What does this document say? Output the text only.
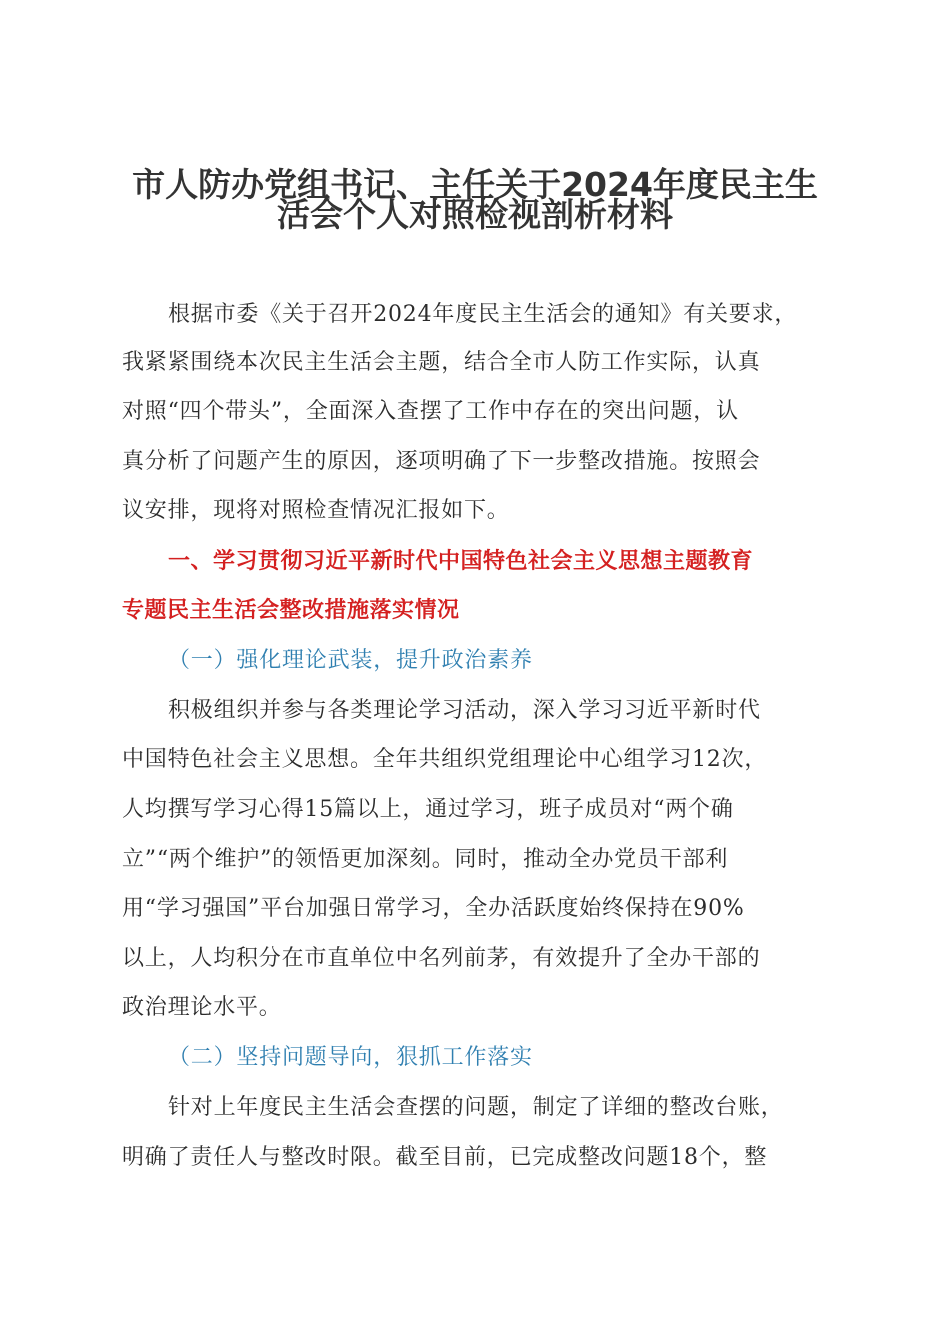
市人防办党组书记、主任关于2024年度民主生
活会个人对照检视剖析材料
根据市委《关于召开2024年度民主生活会的通知》有关要求，
我紧紧围绕本次民主生活会主题，结合全市人防工作实际，认真
对照“四个带头”，全面深入查摆了工作中存在的突出问题，认
真分析了问题产生的原因，逐项明确了下一步整改措施。按照会
议安排，现将对照检查情况汇报如下。
一、学习贯彻习近平新时代中国特色社会主义思想主题教育
专题民主生活会整改措施落实情况
（一）强化理论武装，提升政治素养
积极组织并参与各类理论学习活动，深入学习习近平新时代
中国特色社会主义思想。全年共组织党组理论中心组学习12次，
人均撰写学习心得15篇以上，通过学习，班子成员对“两个确
立”“两个维护”的领悟更加深刻。同时，推动全办党员干部利
用“学习强国”平台加强日常学习，全办活跃度始终保持在90%
以上，人均积分在市直单位中名列前茅，有效提升了全办干部的
政治理论水平。
（二）坚持问题导向，狠抓工作落实
针对上年度民主生活会查摆的问题，制定了详细的整改台账，
明确了责任人与整改时限。截至目前，已完成整改问题18个，整
